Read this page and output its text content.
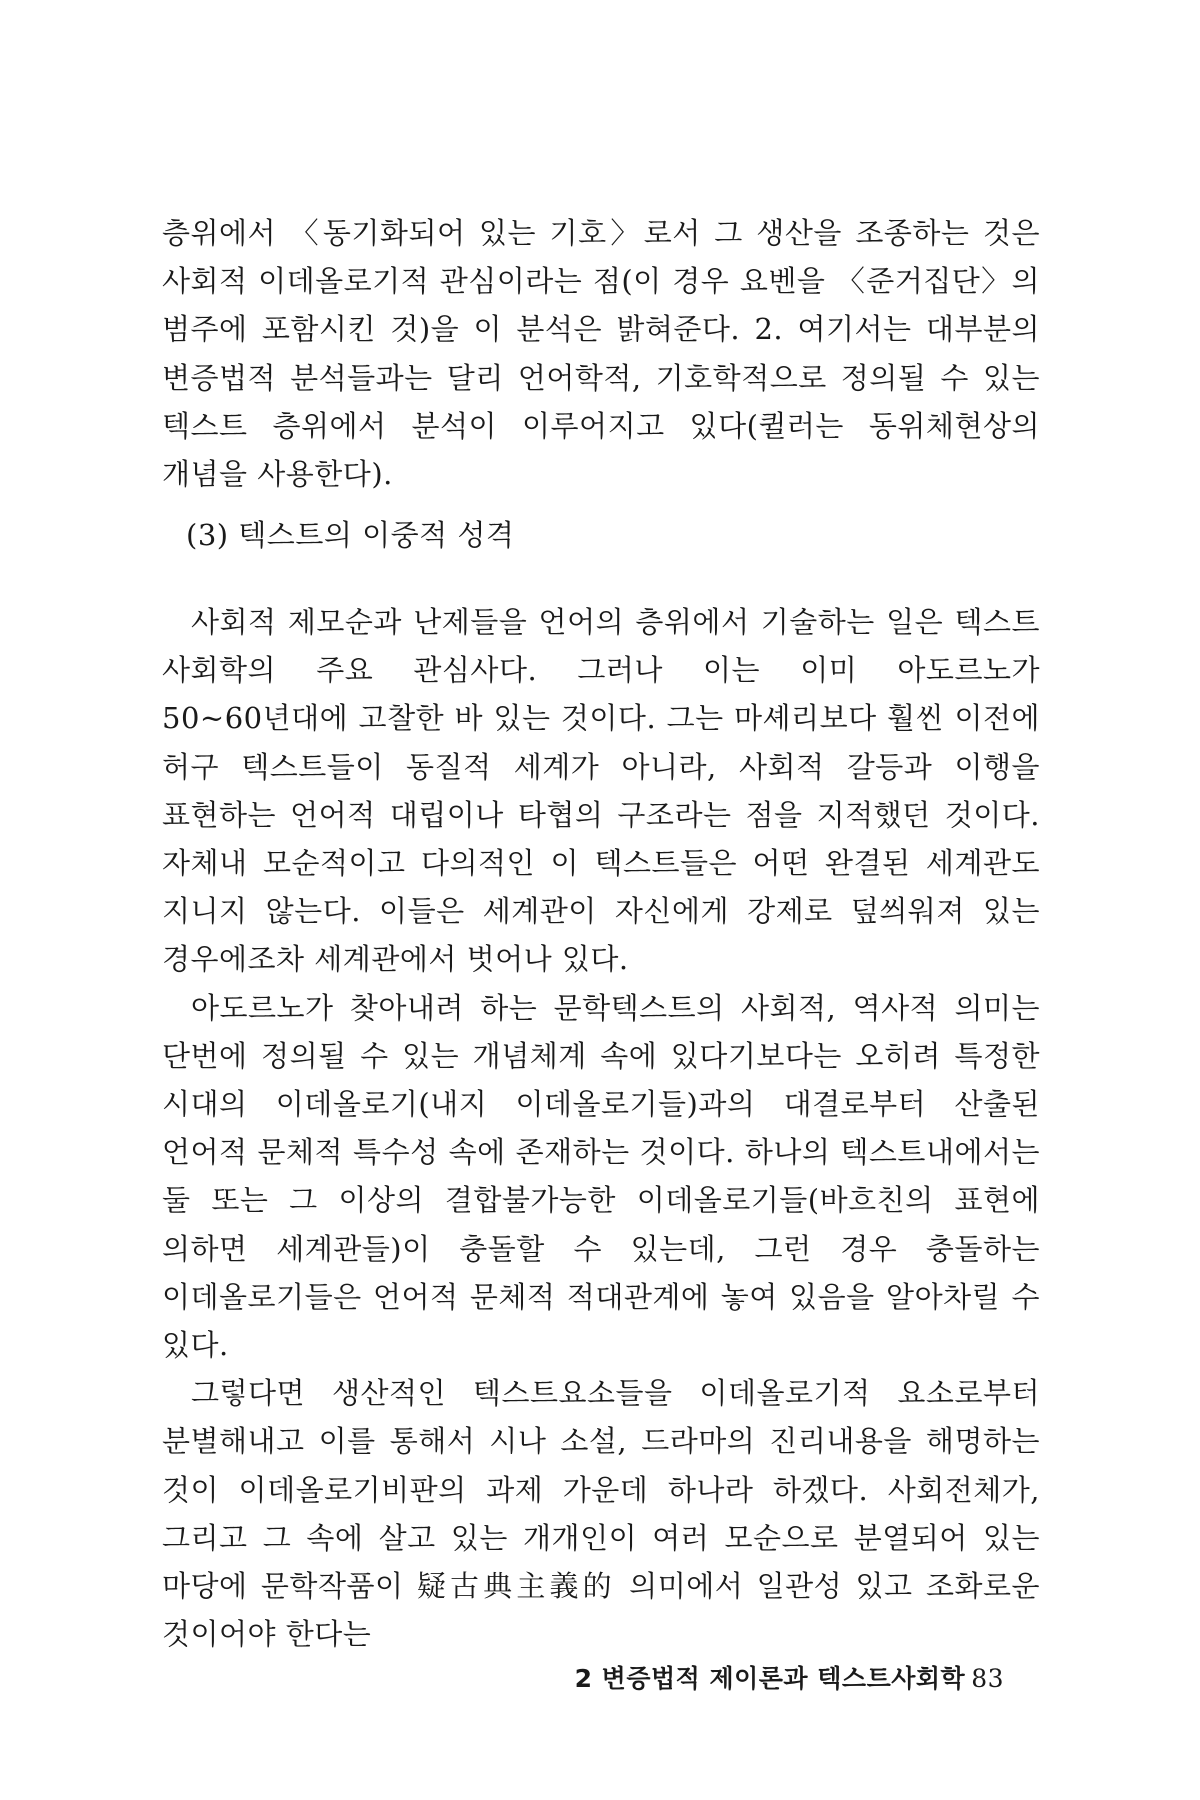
층위에서 〈동기화되어 있는 기호〉로서 그 생산을 조종하는 것은 사회적 이데올로기적 관심이라는 점(이 경우 요벤을 〈준거집단〉의 범주에 포함시킨 것)을 이 분석은 밝혀준다. 2. 여기서는 대부분의 변증법적 분석들과는 달리 언어학적, 기호학적으로 정의될 수 있는 텍스트 층위에서 분석이 이루어지고 있다(퀼러는 동위체현상의 개념을 사용한다).

(3) 텍스트의 이중적 성격

사회적 제모순과 난제들을 언어의 층위에서 기술하는 일은 텍스트 사회학의 주요 관심사다. 그러나 이는 이미 아도르노가 50~60년대에 고찰한 바 있는 것이다. 그는 마셰리보다 훨씬 이전에 허구 텍스트들이 동질적 세계가 아니라, 사회적 갈등과 이행을 표현하는 언어적 대립이나 타협의 구조라는 점을 지적했던 것이다. 자체내 모순적이고 다의적인 이 텍스트들은 어떤 완결된 세계관도 지니지 않는다. 이들은 세계관이 자신에게 강제로 덮씌워져 있는 경우에조차 세계관에서 벗어나 있다.

아도르노가 찾아내려 하는 문학텍스트의 사회적, 역사적 의미는 단번에 정의될 수 있는 개념체계 속에 있다기보다는 오히려 특정한 시대의 이데올로기(내지 이데올로기들)과의 대결로부터 산출된 언어적 문체적 특수성 속에 존재하는 것이다. 하나의 텍스트내에서는 둘 또는 그 이상의 결합불가능한 이데올로기들(바흐친의 표현에 의하면 세계관들)이 충돌할 수 있는데, 그런 경우 충돌하는 이데올로기들은 언어적 문체적 적대관계에 놓여 있음을 알아차릴 수 있다.

그렇다면 생산적인 텍스트요소들을 이데올로기적 요소로부터 분별해내고 이를 통해서 시나 소설, 드라마의 진리내용을 해명하는 것이 이데올로기비판의 과제 가운데 하나라 하겠다. 사회전체가, 그리고 그 속에 살고 있는 개개인이 여러 모순으로 분열되어 있는 마당에 문학작품이 疑古典主義的 의미에서 일관성 있고 조화로운 것이어야 한다는

2 변증법적 제이론과 텍스트사회학 83
